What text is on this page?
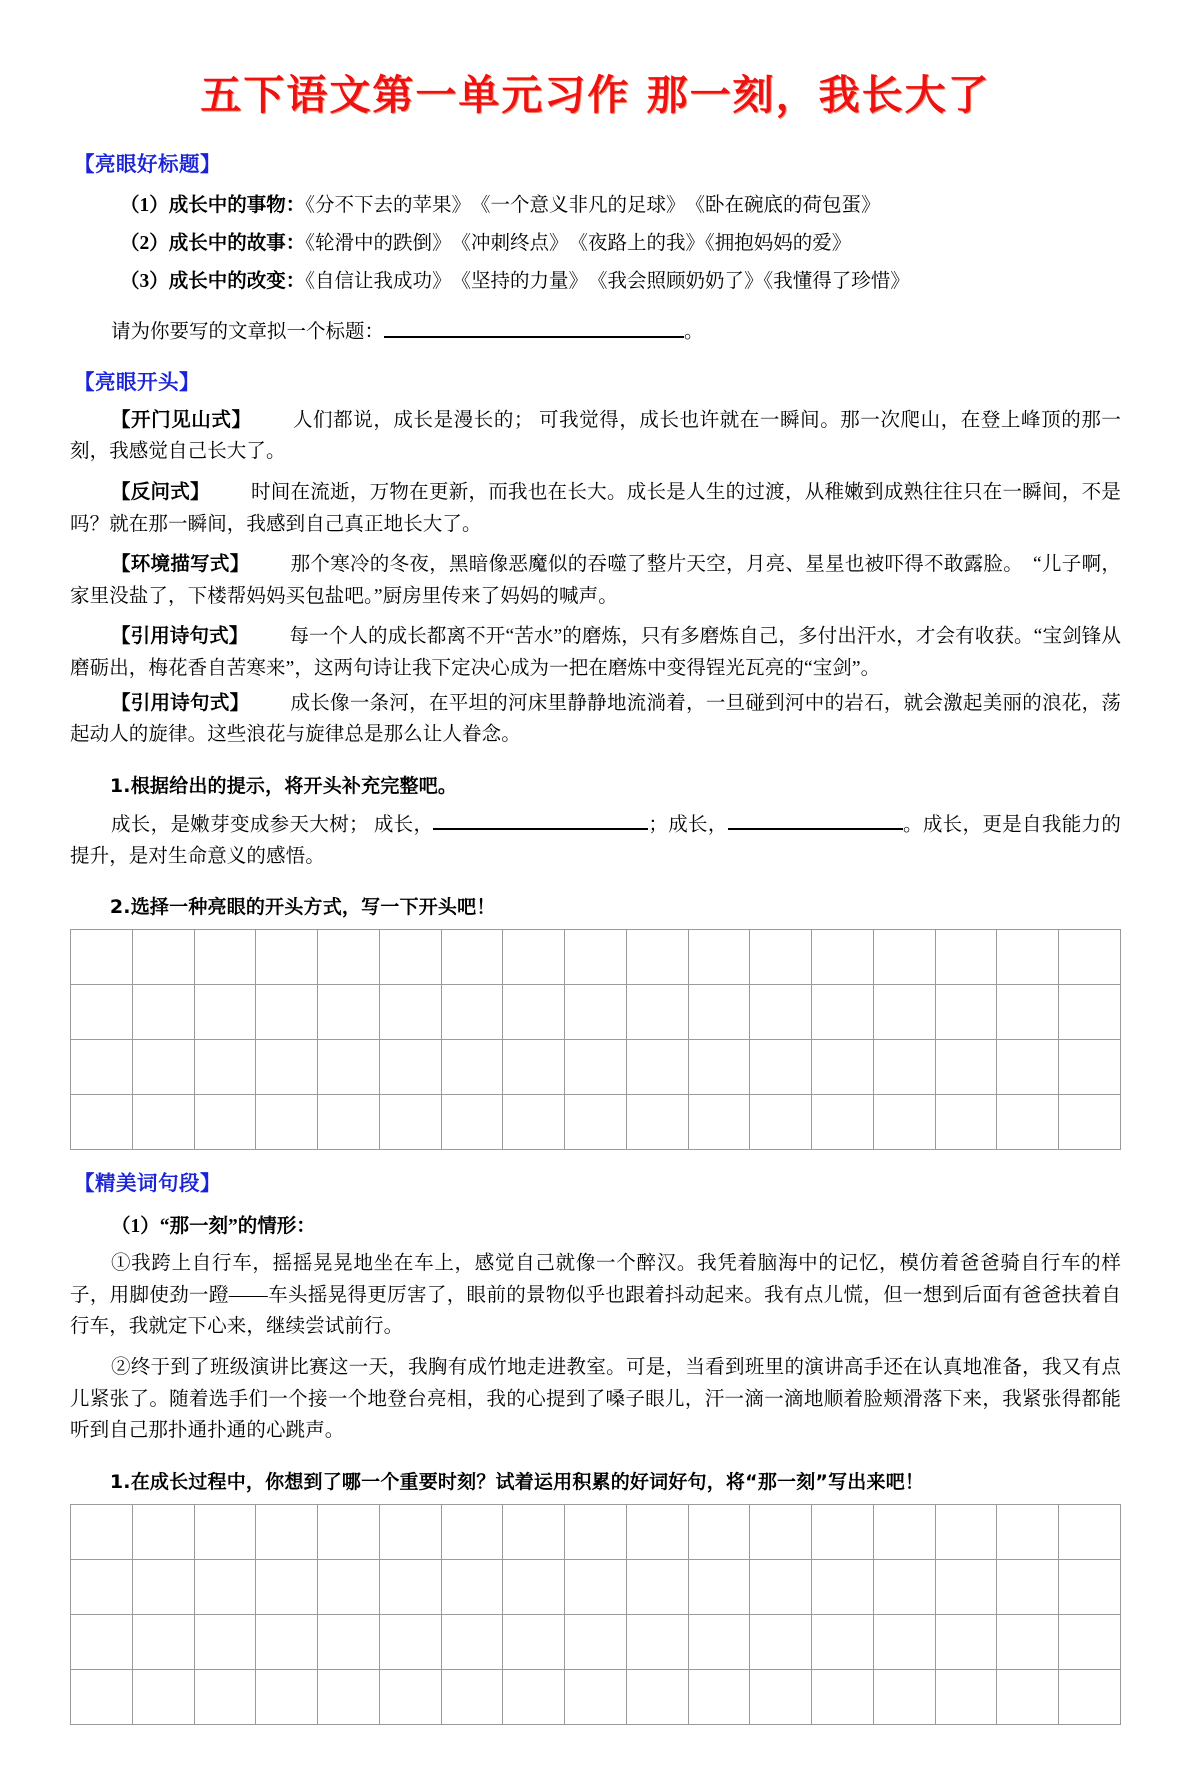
五下语文第一单元习作 那一刻，我长大了
【亮眼好标题】
（1）成长中的事物：《分不下去的苹果》　《一个意义非凡的足球》　《卧在碗底的荷包蛋》
（2）成长中的故事：《轮滑中的跌倒》　《冲刺终点》　《夜路上的我》《拥抱妈妈的爱》
（3）成长中的改变：《自信让我成功》　《坚持的力量》　《我会照顾奶奶了》《我懂得了珍惜》
请为你要写的文章拟一个标题：	。
【亮眼开头】
【开门见山式】 人们都说，成长是漫长的； 可我觉得，成长也许就在一瞬间。那一次爬山，在登上峰顶的那一刻，我感觉自己长大了。
【反问式】 时间在流逝，万物在更新，而我也在长大。成长是人生的过渡，从稚嫩到成熟往往只在一瞬间，不是吗？就在那一瞬间，我感到自己真正地长大了。
【环境描写式】 那个寒冷的冬夜，黑暗像恶魔似的吞噬了整片天空，月亮、星星也被吓得不敢露脸。　“儿子啊，家里没盐了，下楼帮妈妈买包盐吧。”厨房里传来了妈妈的喊声。
【引用诗句式】 每一个人的成长都离不开“苦水”的磨炼，只有多磨炼自己，多付出汗水，才会有收获。“宝剑锋从磨砺出，梅花香自苦寒来”，这两句诗让我下定决心成为一把在磨炼中变得锃光瓦亮的“宝剑”。
【引用诗句式】 成长像一条河，在平坦的河床里静静地流淌着，一旦碰到河中的岩石，就会激起美丽的浪花，荡起动人的旋律。这些浪花与旋律总是那么让人眷念。
1.根据给出的提示，将开头补充完整吧。
成长，是嫩芽变成参天大树； 成长，	；成长，	。成长，更是自我能力的提升，是对生命意义的感悟。
2.选择一种亮眼的开头方式，写一下开头吧！

【精美词句段】
（1）“那一刻”的情形：
①我跨上自行车，摇摇晃晃地坐在车上，感觉自己就像一个醉汉。我凭着脑海中的记忆，模仿着爸爸骑自行车的样子，用脚使劲一蹬——车头摇晃得更厉害了，眼前的景物似乎也跟着抖动起来。我有点儿慌，但一想到后面有爸爸扶着自行车，我就定下心来，继续尝试前行。
②终于到了班级演讲比赛这一天，我胸有成竹地走进教室。可是，当看到班里的演讲高手还在认真地准备，我又有点儿紧张了。随着选手们一个接一个地登台亮相，我的心提到了嗓子眼儿，汗一滴一滴地顺着脸颊滑落下来，我紧张得都能听到自己那扑通扑通的心跳声。
1.在成长过程中，你想到了哪一个重要时刻？试着运用积累的好词好句，将“那一刻”写出来吧！
